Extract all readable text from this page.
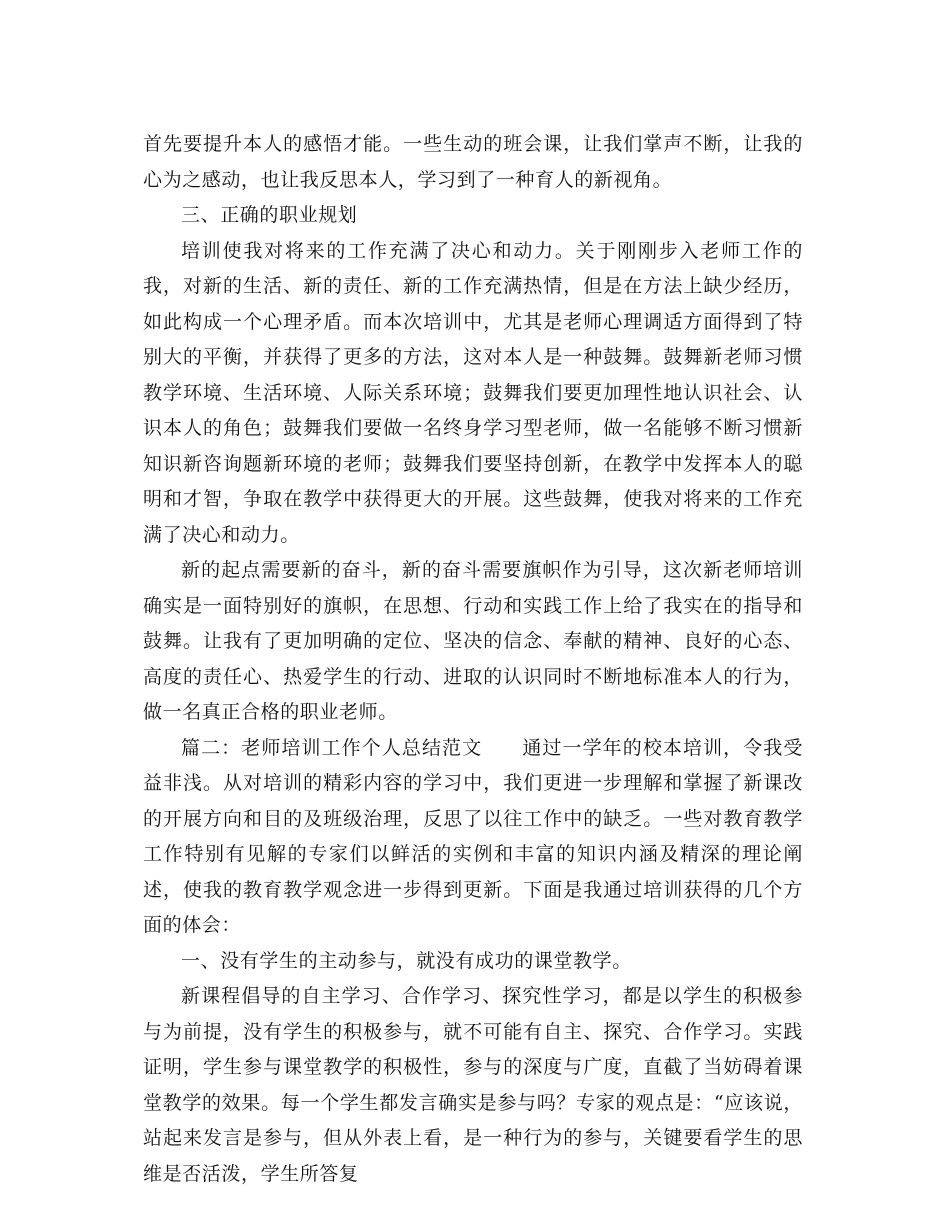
首先要提升本人的感悟才能。一些生动的班会课，让我们掌声不断，让我的心为之感动，也让我反思本人，学习到了一种育人的新视角。

三、正确的职业规划

培训使我对将来的工作充满了决心和动力。关于刚刚步入老师工作的我，对新的生活、新的责任、新的工作充满热情，但是在方法上缺少经历，如此构成一个心理矛盾。而本次培训中，尤其是老师心理调适方面得到了特别大的平衡，并获得了更多的方法，这对本人是一种鼓舞。鼓舞新老师习惯教学环境、生活环境、人际关系环境；鼓舞我们要更加理性地认识社会、认识本人的角色；鼓舞我们要做一名终身学习型老师，做一名能够不断习惯新知识新咨询题新环境的老师；鼓舞我们要坚持创新，在教学中发挥本人的聪明和才智，争取在教学中获得更大的开展。这些鼓舞，使我对将来的工作充满了决心和动力。

新的起点需要新的奋斗，新的奋斗需要旗帜作为引导，这次新老师培训确实是一面特别好的旗帜，在思想、行动和实践工作上给了我实在的指导和鼓舞。让我有了更加明确的定位、坚决的信念、奉献的精神、良好的心态、高度的责任心、热爱学生的行动、进取的认识同时不断地标准本人的行为，做一名真正合格的职业老师。

篇二：老师培训工作个人总结范文　　通过一学年的校本培训，令我受益非浅。从对培训的精彩内容的学习中，我们更进一步理解和掌握了新课改的开展方向和目的及班级治理，反思了以往工作中的缺乏。一些对教育教学工作特别有见解的专家们以鲜活的实例和丰富的知识内涵及精深的理论阐述，使我的教育教学观念进一步得到更新。下面是我通过培训获得的几个方面的体会：

一、没有学生的主动参与，就没有成功的课堂教学。

新课程倡导的自主学习、合作学习、探究性学习，都是以学生的积极参与为前提，没有学生的积极参与，就不可能有自主、探究、合作学习。实践证明，学生参与课堂教学的积极性，参与的深度与广度，直截了当妨碍着课堂教学的效果。每一个学生都发言确实是参与吗？专家的观点是：“应该说，站起来发言是参与，但从外表上看，是一种行为的参与，关键要看学生的思维是否活泼，学生所答复
